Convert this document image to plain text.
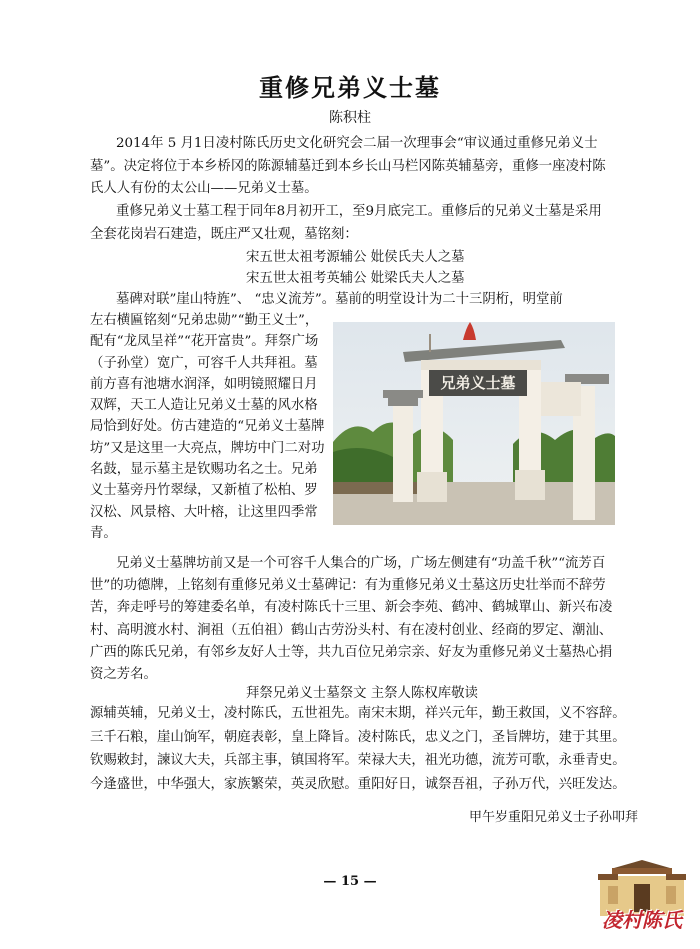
重修兄弟义士墓
陈积柱

2014年 5 月1日凌村陈氏历史文化研究会二届一次理事会“审议通过重修兄弟义士墓”。决定将位于本乡桥冈的陈源辅墓迁到本乡长山马栏冈陈英辅墓旁，重修一座凌村陈氏人人有份的太公山——兄弟义士墓。

重修兄弟义士墓工程于同年8月初开工，至9月底完工。重修后的兄弟义士墓是采用全套花岗岩石建造，既庄严又壮观，墓铭刻：

宋五世太祖考源辅公 妣侯氏夫人之墓
宋五世太祖考英辅公 妣梁氏夫人之墓

墓碑对联”崖山特旌”、 “忠义流芳”。墓前的明堂设计为二十三阴桁，明堂前

左右横匾铭刻“兄弟忠勋”“勤王义士”，配有“龙凤呈祥”“花开富贵”。拜祭广场（子孙堂）宽广，可容千人共拜祖。墓前方喜有池塘水润泽，如明镜照耀日月双辉，天工人造让兄弟义士墓的风水格局恰到好处。仿古建造的“兄弟义士墓牌坊”又是这里一大亮点，牌坊中门二对功名鼓，显示墓主是钦赐功名之士。兄弟义士墓旁丹竹翠绿，又新植了松柏、罗汉松、风景榕、大叶榕，让这里四季常青。

兄弟义士墓

兄弟义士墓牌坊前又是一个可容千人集合的广场，广场左侧建有“功盖千秋”“流芳百世”的功德牌，上铭刻有重修兄弟义士墓碑记：有为重修兄弟义士墓这历史壮举而不辞劳苦，奔走呼号的筹建委名单，有凌村陈氏十三里、新会李苑、鹤冲、鹤城單山、新兴布凌村、高明渡水村、涧祖（五伯祖）鹤山古劳汾头村、有在凌村创业、经商的罗定、潮汕、广西的陈氏兄弟，有邻乡友好人士等，共九百位兄弟宗亲、好友为重修兄弟义士墓热心捐资之芳名。

拜祭兄弟义士墓祭文 主祭人陈权库敬读
源辅英辅，兄弟义士，凌村陈氏，五世祖先。南宋末期，祥兴元年，勤王救国，义不容辞。
三千石粮，崖山饷军，朝庭表彰，皇上降旨。凌村陈氏，忠义之门，圣旨牌坊，建于其里。
钦赐敕封，諫议大夫，兵部主事，镇国将军。荣禄大夫，祖光功德，流芳可歌，永垂青史。
今逢盛世，中华强大，家族繁荣，英灵欣慰。重阳好日，诚祭吾祖，子孙万代，兴旺发达。
甲午岁重阳兄弟义士子孙叩拜
— 15 —
凌村陈氏
